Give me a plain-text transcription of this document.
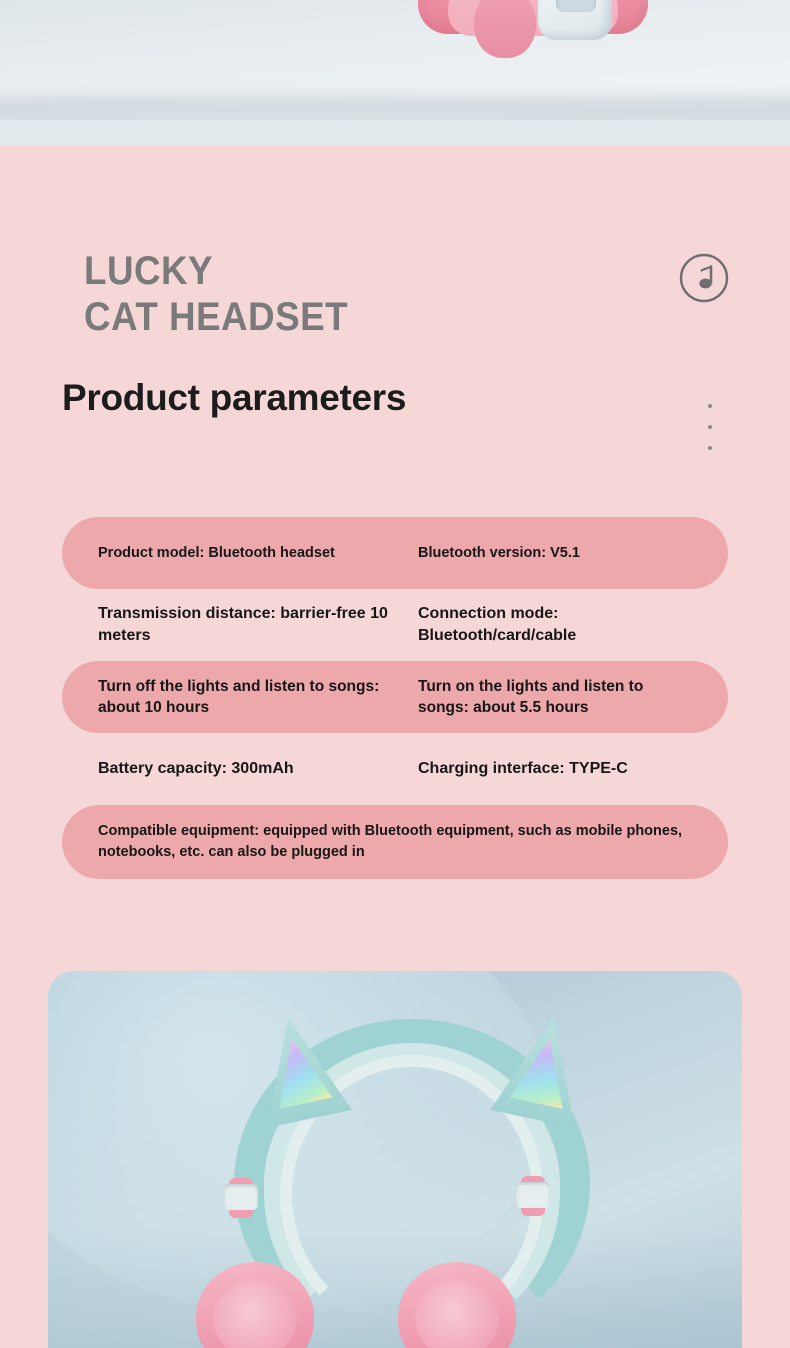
LUCKY
CAT HEADSET
Product parameters
Product model: Bluetooth headset	Bluetooth version: V5.1
Transmission distance: barrier-free 10 meters
Connection mode: Bluetooth/card/cable
Turn off the lights and listen to songs: about 10 hours
Turn on the lights and listen to songs: about 5.5 hours
Battery capacity: 300mAh	Charging interface: TYPE-C
Compatible equipment: equipped with Bluetooth equipment, such as mobile phones, notebooks, etc. can also be plugged in
